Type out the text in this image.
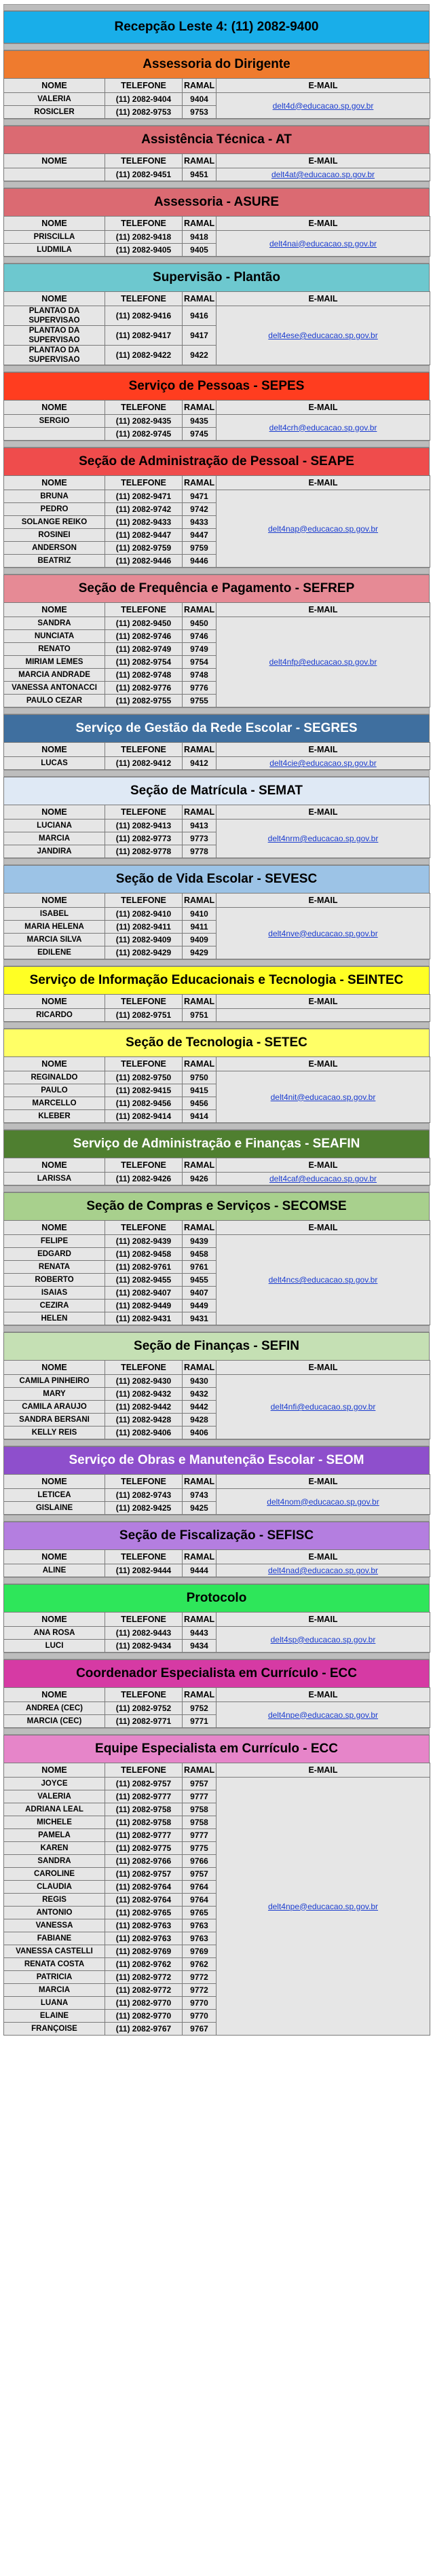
Recepção Leste 4: (11) 2082-9400
Assessoria do Dirigente
NOME	TELEFONE	RAMAL	E-MAIL
VALERIA	(11) 2082-9404	9404	delt4d@educacao.sp.gov.br
ROSICLER	(11) 2082-9753	9753	
Assistência Técnica - AT
NOME	TELEFONE	RAMAL	E-MAIL
	(11) 2082-9451	9451	delt4at@educacao.sp.gov.br
Assessoria - ASURE
NOME	TELEFONE	RAMAL	E-MAIL
PRISCILLA	(11) 2082-9418	9418	delt4nai@educacao.sp.gov.br
LUDMILA	(11) 2082-9405	9405	
Supervisão - Plantão
NOME	TELEFONE	RAMAL	E-MAIL
PLANTAO DA SUPERVISAO	(11) 2082-9416	9416	delt4ese@educacao.sp.gov.br
PLANTAO DA SUPERVISAO	(11) 2082-9417	9417	
PLANTAO DA SUPERVISAO	(11) 2082-9422	9422	
Serviço de Pessoas - SEPES
NOME	TELEFONE	RAMAL	E-MAIL
SERGIO	(11) 2082-9435	9435	delt4crh@educacao.sp.gov.br
	(11) 2082-9745	9745	
Seção de Administração de Pessoal - SEAPE
NOME	TELEFONE	RAMAL	E-MAIL
BRUNA	(11) 2082-9471	9471	delt4nap@educacao.sp.gov.br
PEDRO	(11) 2082-9742	9742	
SOLANGE REIKO	(11) 2082-9433	9433	
ROSINEI	(11) 2082-9447	9447	
ANDERSON	(11) 2082-9759	9759	
BEATRIZ	(11) 2082-9446	9446	
Seção de Frequência e Pagamento - SEFREP
NOME	TELEFONE	RAMAL	E-MAIL
SANDRA	(11) 2082-9450	9450	delt4nfp@educacao.sp.gov.br
NUNCIATA	(11) 2082-9746	9746	
RENATO	(11) 2082-9749	9749	
MIRIAM LEMES	(11) 2082-9754	9754	
MARCIA ANDRADE	(11) 2082-9748	9748	
VANESSA ANTONACCI	(11) 2082-9776	9776	
PAULO CEZAR	(11) 2082-9755	9755	
Serviço de Gestão da Rede Escolar - SEGRES
NOME	TELEFONE	RAMAL	E-MAIL
LUCAS	(11) 2082-9412	9412	delt4cie@educacao.sp.gov.br
Seção de Matrícula - SEMAT
NOME	TELEFONE	RAMAL	E-MAIL
LUCIANA	(11) 2082-9413	9413	delt4nrm@educacao.sp.gov.br
MARCIA	(11) 2082-9773	9773	
JANDIRA	(11) 2082-9778	9778	
Seção de Vida Escolar - SEVESC
NOME	TELEFONE	RAMAL	E-MAIL
ISABEL	(11) 2082-9410	9410	delt4nve@educacao.sp.gov.br
MARIA HELENA	(11) 2082-9411	9411	
MARCIA SILVA	(11) 2082-9409	9409	
EDILENE	(11) 2082-9429	9429	
Serviço de Informação Educacionais e Tecnologia - SEINTEC
NOME	TELEFONE	RAMAL	E-MAIL
RICARDO	(11) 2082-9751	9751	
Seção de Tecnologia - SETEC
NOME	TELEFONE	RAMAL	E-MAIL
REGINALDO	(11) 2082-9750	9750	delt4nit@educacao.sp.gov.br
PAULO	(11) 2082-9415	9415	
MARCELLO	(11) 2082-9456	9456	
KLEBER	(11) 2082-9414	9414	
Serviço de Administração e Finanças - SEAFIN
NOME	TELEFONE	RAMAL	E-MAIL
LARISSA	(11) 2082-9426	9426	delt4caf@educacao.sp.gov.br
Seção de Compras e Serviços - SECOMSE
NOME	TELEFONE	RAMAL	E-MAIL
FELIPE	(11) 2082-9439	9439	delt4ncs@educacao.sp.gov.br
EDGARD	(11) 2082-9458	9458	
RENATA	(11) 2082-9761	9761	
ROBERTO	(11) 2082-9455	9455	
ISAIAS	(11) 2082-9407	9407	
CEZIRA	(11) 2082-9449	9449	
HELEN	(11) 2082-9431	9431	
Seção de Finanças - SEFIN
NOME	TELEFONE	RAMAL	E-MAIL
CAMILA PINHEIRO	(11) 2082-9430	9430	delt4nfi@educacao.sp.gov.br
MARY	(11) 2082-9432	9432	
CAMILA ARAUJO	(11) 2082-9442	9442	
SANDRA BERSANI	(11) 2082-9428	9428	
KELLY REIS	(11) 2082-9406	9406	
Serviço de Obras e Manutenção Escolar - SEOM
NOME	TELEFONE	RAMAL	E-MAIL
LETICEA	(11) 2082-9743	9743	delt4nom@educacao.sp.gov.br
GISLAINE	(11) 2082-9425	9425	
Seção de Fiscalização - SEFISC
NOME	TELEFONE	RAMAL	E-MAIL
ALINE	(11) 2082-9444	9444	delt4nad@educacao.sp.gov.br
Protocolo
NOME	TELEFONE	RAMAL	E-MAIL
ANA ROSA	(11) 2082-9443	9443	delt4sp@educacao.sp.gov.br
LUCI	(11) 2082-9434	9434	
Coordenador Especialista em Currículo - ECC
NOME	TELEFONE	RAMAL	E-MAIL
ANDREA (CEC)	(11) 2082-9752	9752	delt4npe@educacao.sp.gov.br
MARCIA (CEC)	(11) 2082-9771	9771	
Equipe Especialista em Currículo - ECC
NOME	TELEFONE	RAMAL	E-MAIL
JOYCE	(11) 2082-9757	9757	delt4npe@educacao.sp.gov.br
VALERIA	(11) 2082-9777	9777	
ADRIANA LEAL	(11) 2082-9758	9758	
MICHELE	(11) 2082-9758	9758	
PAMELA	(11) 2082-9777	9777	
KAREN	(11) 2082-9775	9775	
SANDRA	(11) 2082-9766	9766	
CAROLINE	(11) 2082-9757	9757	
CLAUDIA	(11) 2082-9764	9764	
REGIS	(11) 2082-9764	9764	
ANTONIO	(11) 2082-9765	9765	
VANESSA	(11) 2082-9763	9763	
FABIANE	(11) 2082-9763	9763	
VANESSA CASTELLI	(11) 2082-9769	9769	
RENATA COSTA	(11) 2082-9762	9762	
PATRICIA	(11) 2082-9772	9772	
MARCIA	(11) 2082-9772	9772	
LUANA	(11) 2082-9770	9770	
ELAINE	(11) 2082-9770	9770	
FRANÇOISE	(11) 2082-9767	9767	
